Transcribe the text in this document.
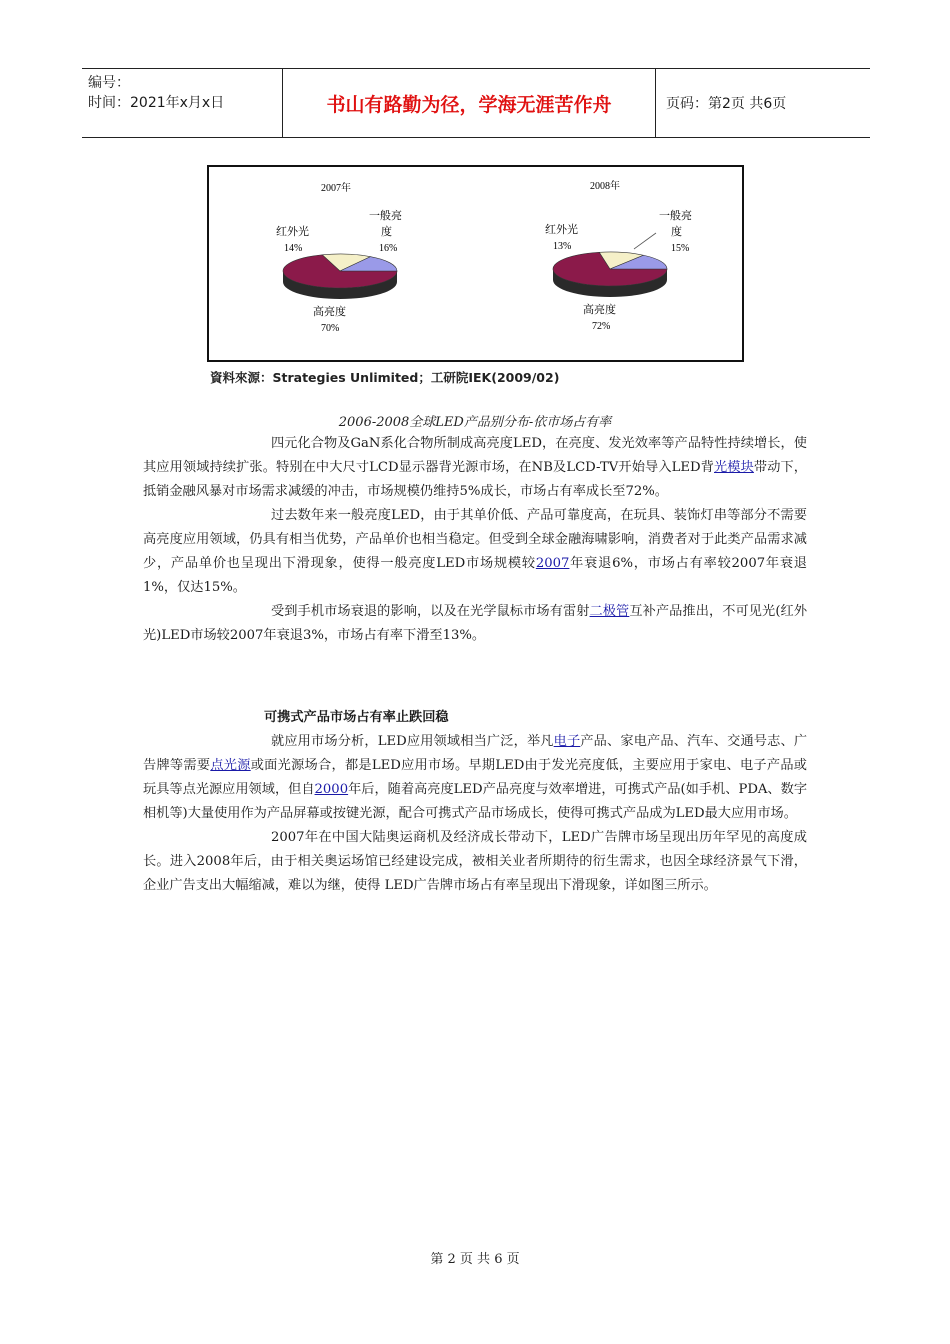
编号：
时间：2021年x月x日	书山有路勤为径，学海无涯苦作舟	页码：第2页 共6页
2007年
红外光
14%
一般亮
度
16%
高亮度
70%
2008年
红外光
13%
一般亮
度
15%
高亮度
72%
資料來源：Strategies Unlimited；工研院IEK(2009/02)
2006-2008全球LED产品别分布-依市场占有率

四元化合物及GaN系化合物所制成高亮度LED，在亮度、发光效率等产品特性持续增长，使其应用领域持续扩张。特别在中大尺寸LCD显示器背光源市场，在NB及LCD-TV开始导入LED背光模块带动下，抵销金融风暴对市场需求减缓的冲击，市场规模仍维持5%成长，市场占有率成长至72%。

过去数年来一般亮度LED，由于其单价低、产品可靠度高，在玩具、装饰灯串等部分不需要高亮度应用领域，仍具有相当优势，产品单价也相当稳定。但受到全球金融海啸影响，消费者对于此类产品需求减少，产品单价也呈现出下滑现象，使得一般亮度LED市场规模较2007年衰退6%，市场占有率较2007年衰退1%，仅达15%。

受到手机市场衰退的影响，以及在光学鼠标市场有雷射二极管互补产品推出，不可见光(红外光)LED市场较2007年衰退3%，市场占有率下滑至13%。

可携式产品市场占有率止跌回稳

就应用市场分析，LED应用领域相当广泛，举凡电子产品、家电产品、汽车、交通号志、广告牌等需要点光源或面光源场合，都是LED应用市场。早期LED由于发光亮度低，主要应用于家电、电子产品或玩具等点光源应用领域，但自2000年后，随着高亮度LED产品亮度与效率增进，可携式产品(如手机、PDA、数字相机等)大量使用作为产品屏幕或按键光源，配合可携式产品市场成长，使得可携式产品成为LED最大应用市场。

2007年在中国大陆奥运商机及经济成长带动下，LED广告牌市场呈现出历年罕见的高度成长。进入2008年后，由于相关奥运场馆已经建设完成，被相关业者所期待的衍生需求，也因全球经济景气下滑，企业广告支出大幅缩减，难以为继，使得 LED广告牌市场占有率呈现出下滑现象，详如图三所示。

第 2 页 共 6 页
